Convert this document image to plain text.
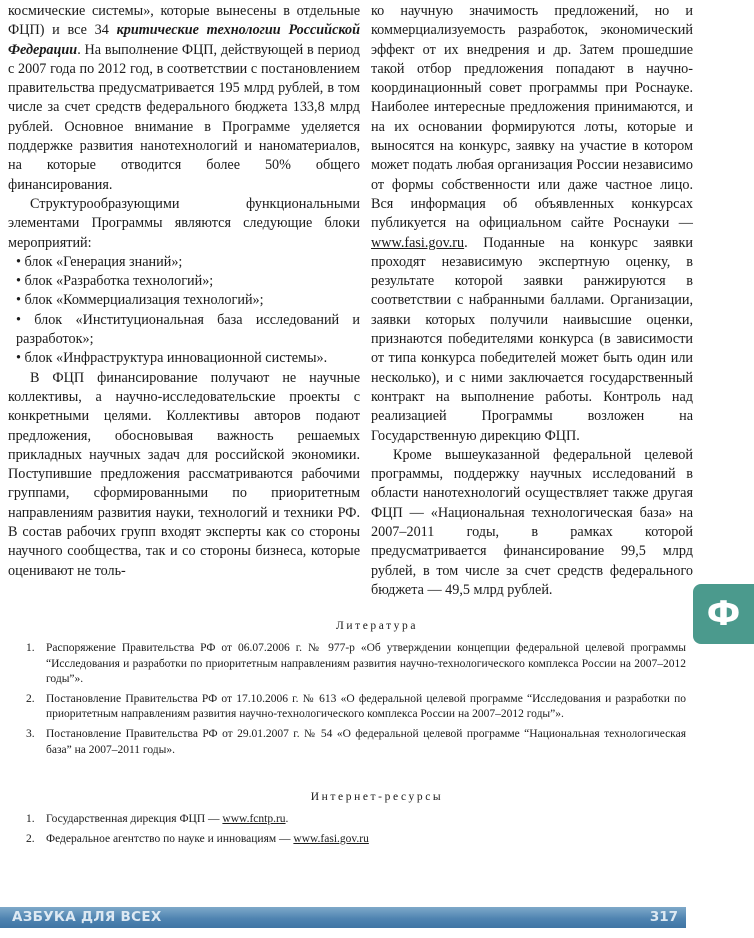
космические системы», которые вынесены в отдельные ФЦП) и все 34 критические технологии Российской Федерации. На выполнение ФЦП, действующей в период с 2007 года по 2012 год, в соответствии с постановлением правительства предусматривается 195 млрд рублей, в том числе за счет средств федерального бюджета 133,8 млрд рублей. Основное внимание в Программе уделяется поддержке развития нанотехнологий и наноматериалов, на которые отводится более 50% общего финансирования.

Структурообразующими функциональными элементами Программы являются следующие блоки мероприятий:

• блок «Генерация знаний»;
• блок «Разработка технологий»;
• блок «Коммерциализация технологий»;
• блок «Институциональная база исследований и разработок»;
• блок «Инфраструктура инновационной системы».

В ФЦП финансирование получают не научные коллективы, а научно-исследовательские проекты с конкретными целями. Коллективы авторов подают предложения, обосновывая важность решаемых прикладных научных задач для российской экономики. Поступившие предложения рассматриваются рабочими группами, сформированными по приоритетным направлениям развития науки, технологий и техники РФ. В состав рабочих групп входят эксперты как со стороны научного сообщества, так и со стороны бизнеса, которые оценивают не толь-

ко научную значимость предложений, но и коммерциализуемость разработок, экономический эффект от их внедрения и др. Затем прошедшие такой отбор предложения попадают в научно-координационный совет программы при Роснауке. Наиболее интересные предложения принимаются, и на их основании формируются лоты, которые и выносятся на конкурс, заявку на участие в котором может подать любая организация России независимо от формы собственности или даже частное лицо. Вся информация об объявленных конкурсах публикуется на официальном сайте Роснауки — www.fasi.gov.ru. Поданные на конкурс заявки проходят независимую экспертную оценку, в результате которой заявки ранжируются в соответствии с набранными баллами. Организации, заявки которых получили наивысшие оценки, признаются победителями конкурса (в зависимости от типа конкурса победителей может быть один или несколько), и с ними заключается государственный контракт на выполнение работы. Контроль над реализацией Программы возложен на Государственную дирекцию ФЦП.

Кроме вышеуказанной федеральной целевой программы, поддержку научных исследований в области нанотехнологий осуществляет также другая ФЦП — «Национальная технологическая база» на 2007–2011 годы, в рамках которой предусматривается финансирование 99,5 млрд рублей, в том числе за счет средств федерального бюджета — 49,5 млрд рублей.

Ф
Литература
1. Распоряжение Правительства РФ от 06.07.2006 г. № 977-р «Об утверждении концепции федеральной целевой программы “Исследования и разработки по приоритетным направлениям развития научно-технологического комплекса России на 2007–2012 годы”».
2. Постановление Правительства РФ от 17.10.2006 г. № 613 «О федеральной целевой программе “Исследования и разработки по приоритетным направлениям развития научно-технологического комплекса России на 2007–2012 годы”».
3. Постановление Правительства РФ от 29.01.2007 г. № 54 «О федеральной целевой программе “Национальная технологическая база” на 2007–2011 годы».
Интернет-ресурсы
1. Государственная дирекция ФЦП — www.fcntp.ru.
2. Федеральное агентство по науке и инновациям — www.fasi.gov.ru
АЗБУКА ДЛЯ ВСЕХ	317
